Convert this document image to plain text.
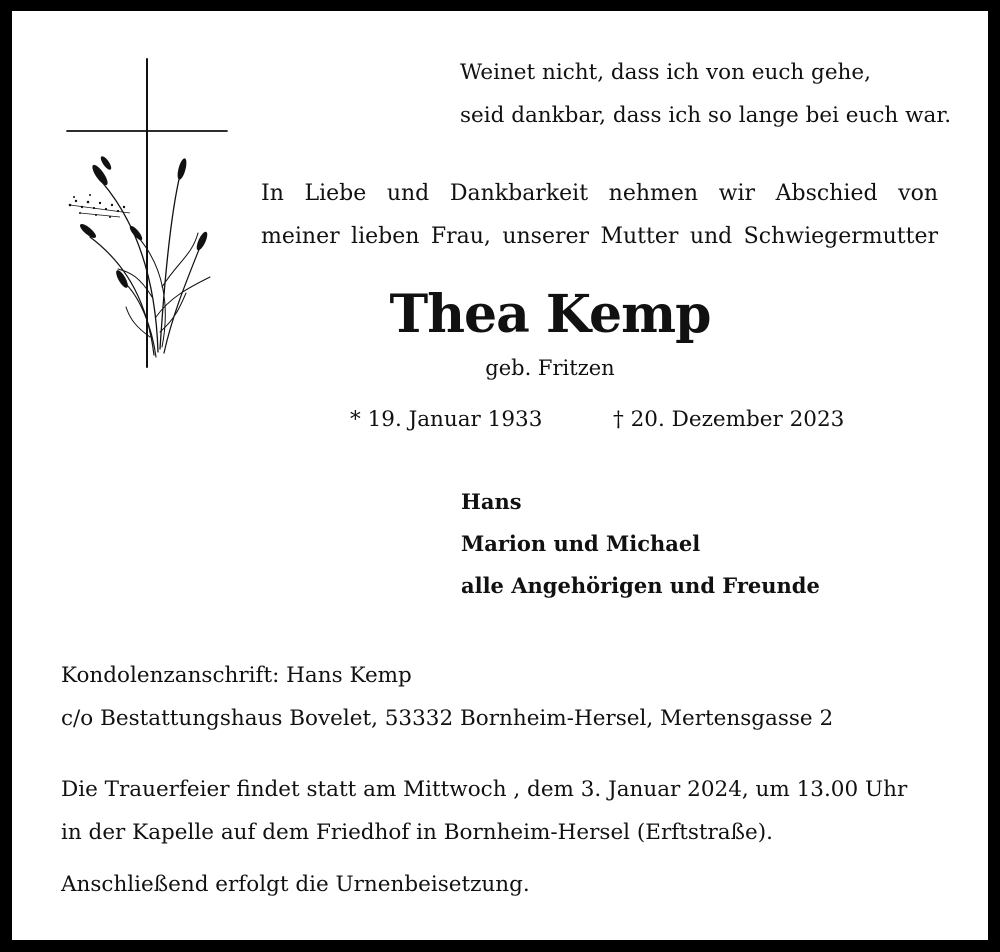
Weinet nicht, dass ich von euch gehe,
seid dankbar, dass ich so lange bei euch war.
In Liebe und Dankbarkeit nehmen wir Abschied von
meiner lieben Frau, unserer Mutter und Schwiegermutter
Thea Kemp
geb. Fritzen
* 19. Januar 1933	† 20. Dezember 2023
Hans
Marion und Michael
alle Angehörigen und Freunde
Kondolenzanschrift: Hans Kemp
c/o Bestattungshaus Bovelet, 53332 Bornheim-Hersel, Mertensgasse 2
Die Trauerfeier findet statt am Mittwoch , dem 3. Januar 2024, um 13.00 Uhr
in der Kapelle auf dem Friedhof in Bornheim-Hersel (Erftstraße).
Anschließend erfolgt die Urnenbeisetzung.
